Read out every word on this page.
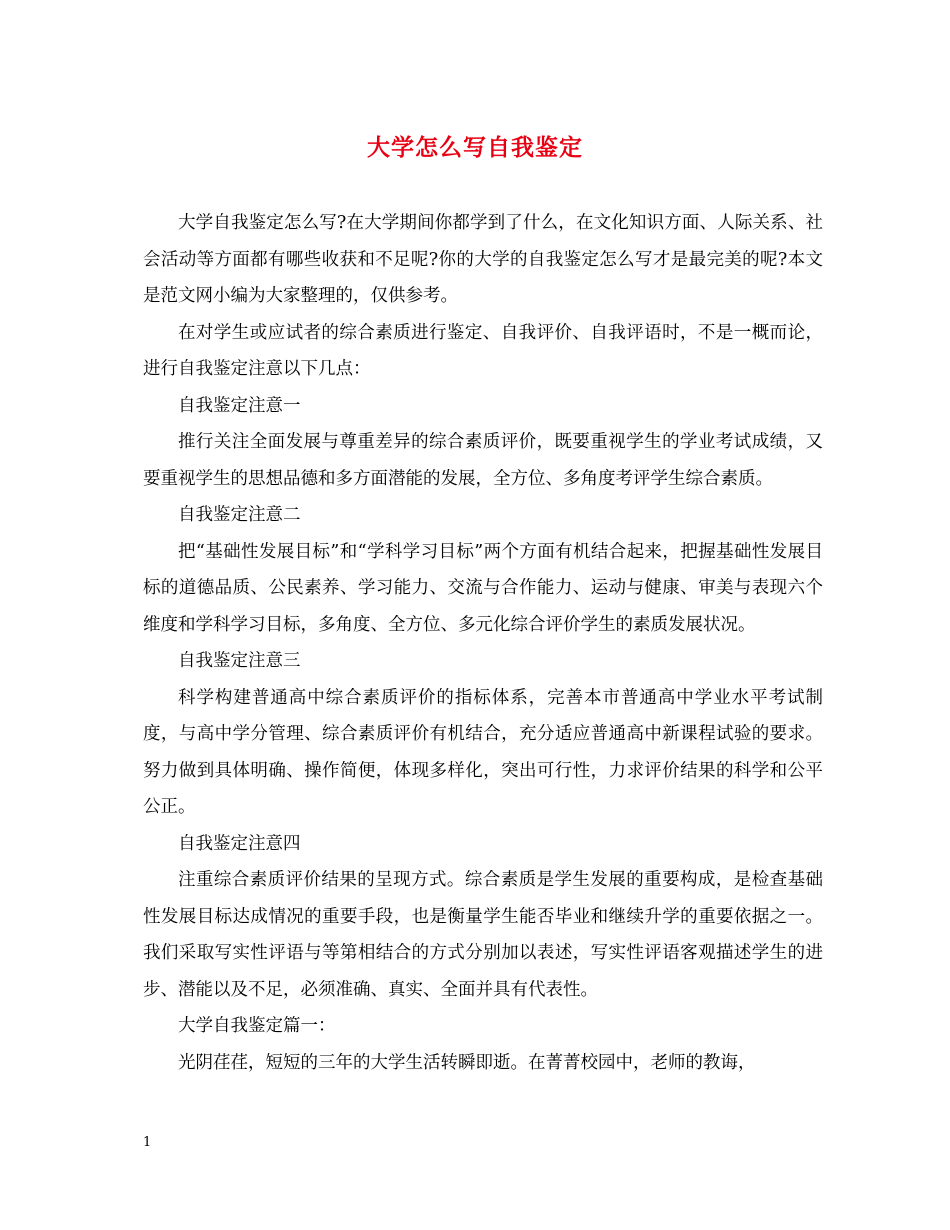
大学怎么写自我鉴定

大学自我鉴定怎么写?在大学期间你都学到了什么，在文化知识方面、人际关系、社会活动等方面都有哪些收获和不足呢?你的大学的自我鉴定怎么写才是最完美的呢?本文是范文网小编为大家整理的，仅供参考。

在对学生或应试者的综合素质进行鉴定、自我评价、自我评语时，不是一概而论，进行自我鉴定注意以下几点：

自我鉴定注意一

推行关注全面发展与尊重差异的综合素质评价，既要重视学生的学业考试成绩，又要重视学生的思想品德和多方面潜能的发展，全方位、多角度考评学生综合素质。

自我鉴定注意二

把“基础性发展目标”和“学科学习目标”两个方面有机结合起来，把握基础性发展目标的道德品质、公民素养、学习能力、交流与合作能力、运动与健康、审美与表现六个维度和学科学习目标，多角度、全方位、多元化综合评价学生的素质发展状况。

自我鉴定注意三

科学构建普通高中综合素质评价的指标体系，完善本市普通高中学业水平考试制度，与高中学分管理、综合素质评价有机结合，充分适应普通高中新课程试验的要求。努力做到具体明确、操作简便，体现多样化，突出可行性，力求评价结果的科学和公平公正。

自我鉴定注意四

注重综合素质评价结果的呈现方式。综合素质是学生发展的重要构成，是检查基础性发展目标达成情况的重要手段，也是衡量学生能否毕业和继续升学的重要依据之一。我们采取写实性评语与等第相结合的方式分别加以表述，写实性评语客观描述学生的进步、潜能以及不足，必须准确、真实、全面并具有代表性。

大学自我鉴定篇一：

光阴荏荏，短短的三年的大学生活转瞬即逝。在菁菁校园中，老师的教诲，

1
